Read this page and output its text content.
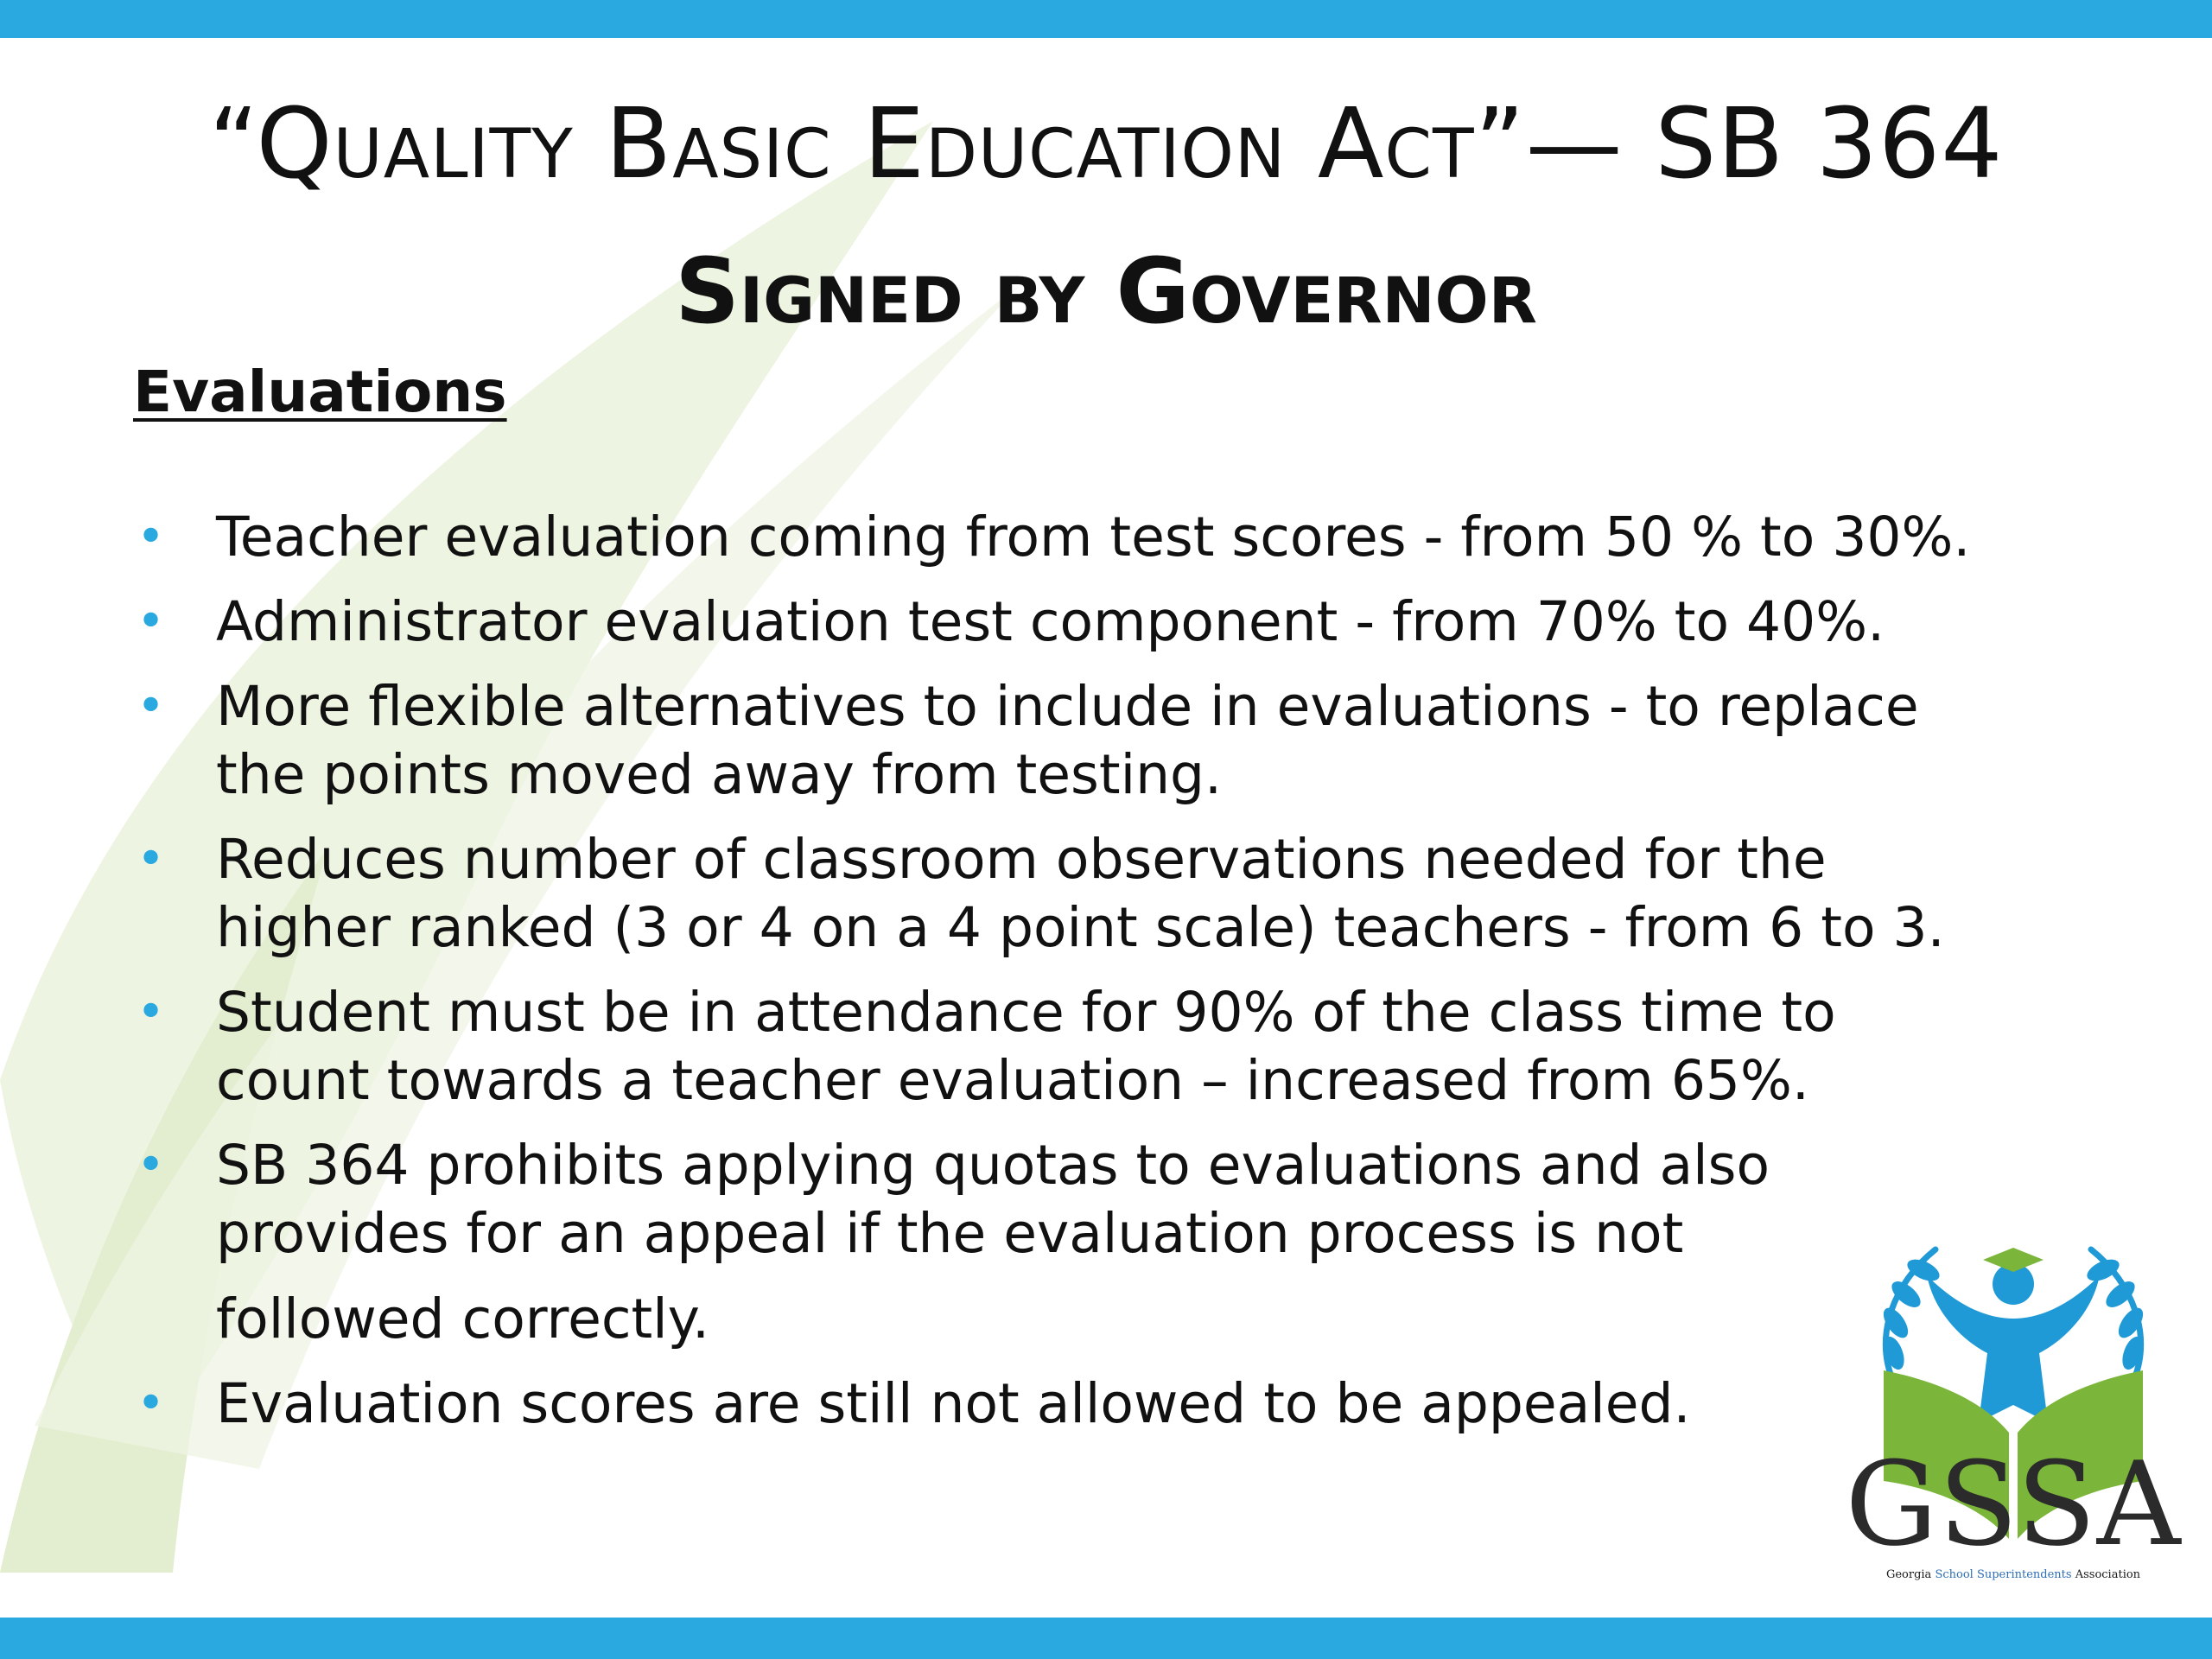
“Quality Basic Education Act”— SB 364
Signed by Governor
Evaluations
• Teacher evaluation coming from test scores - from 50 % to 30%.
• Administrator evaluation test component - from 70% to 40%.
• More flexible alternatives to include in evaluations - to replace
the points moved away from testing.
• Reduces number of classroom observations needed for the
higher ranked (3 or 4 on a 4 point scale) teachers - from 6 to 3.
• Student must be in attendance for 90% of the class time to
count towards a teacher evaluation – increased from 65%.
• SB 364 prohibits applying quotas to evaluations and also
provides for an appeal if the evaluation process is not
followed correctly.
• Evaluation scores are still not allowed to be appealed.
GSSA
Georgia School Superintendents Association
